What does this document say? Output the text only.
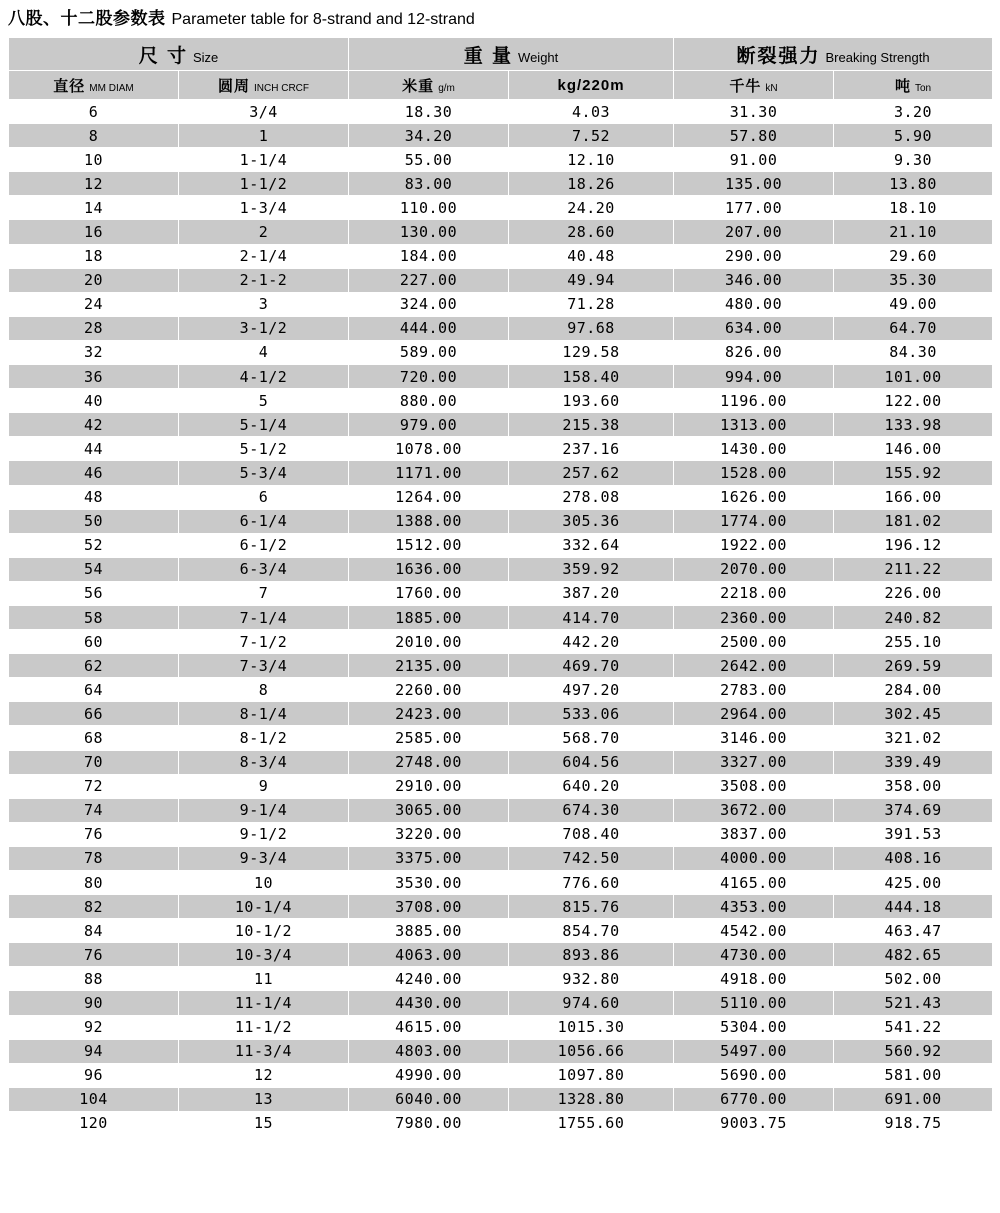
八股、十二股参数表 Parameter table for 8-strand and 12-strand
尺 寸 Size		重 量 Weight		断裂强力 Breaking Strength	
直径 MM DIAM	圆周 INCH CRCF	米重 g/m	kg/220m	千牛 kN	吨 Ton
6	3/4	18.30	4.03	31.30	3.20
8	1	34.20	7.52	57.80	5.90
10	1-1/4	55.00	12.10	91.00	9.30
12	1-1/2	83.00	18.26	135.00	13.80
14	1-3/4	110.00	24.20	177.00	18.10
16	2	130.00	28.60	207.00	21.10
18	2-1/4	184.00	40.48	290.00	29.60
20	2-1-2	227.00	49.94	346.00	35.30
24	3	324.00	71.28	480.00	49.00
28	3-1/2	444.00	97.68	634.00	64.70
32	4	589.00	129.58	826.00	84.30
36	4-1/2	720.00	158.40	994.00	101.00
40	5	880.00	193.60	1196.00	122.00
42	5-1/4	979.00	215.38	1313.00	133.98
44	5-1/2	1078.00	237.16	1430.00	146.00
46	5-3/4	1171.00	257.62	1528.00	155.92
48	6	1264.00	278.08	1626.00	166.00
50	6-1/4	1388.00	305.36	1774.00	181.02
52	6-1/2	1512.00	332.64	1922.00	196.12
54	6-3/4	1636.00	359.92	2070.00	211.22
56	7	1760.00	387.20	2218.00	226.00
58	7-1/4	1885.00	414.70	2360.00	240.82
60	7-1/2	2010.00	442.20	2500.00	255.10
62	7-3/4	2135.00	469.70	2642.00	269.59
64	8	2260.00	497.20	2783.00	284.00
66	8-1/4	2423.00	533.06	2964.00	302.45
68	8-1/2	2585.00	568.70	3146.00	321.02
70	8-3/4	2748.00	604.56	3327.00	339.49
72	9	2910.00	640.20	3508.00	358.00
74	9-1/4	3065.00	674.30	3672.00	374.69
76	9-1/2	3220.00	708.40	3837.00	391.53
78	9-3/4	3375.00	742.50	4000.00	408.16
80	10	3530.00	776.60	4165.00	425.00
82	10-1/4	3708.00	815.76	4353.00	444.18
84	10-1/2	3885.00	854.70	4542.00	463.47
76	10-3/4	4063.00	893.86	4730.00	482.65
88	11	4240.00	932.80	4918.00	502.00
90	11-1/4	4430.00	974.60	5110.00	521.43
92	11-1/2	4615.00	1015.30	5304.00	541.22
94	11-3/4	4803.00	1056.66	5497.00	560.92
96	12	4990.00	1097.80	5690.00	581.00
104	13	6040.00	1328.80	6770.00	691.00
120	15	7980.00	1755.60	9003.75	918.75
